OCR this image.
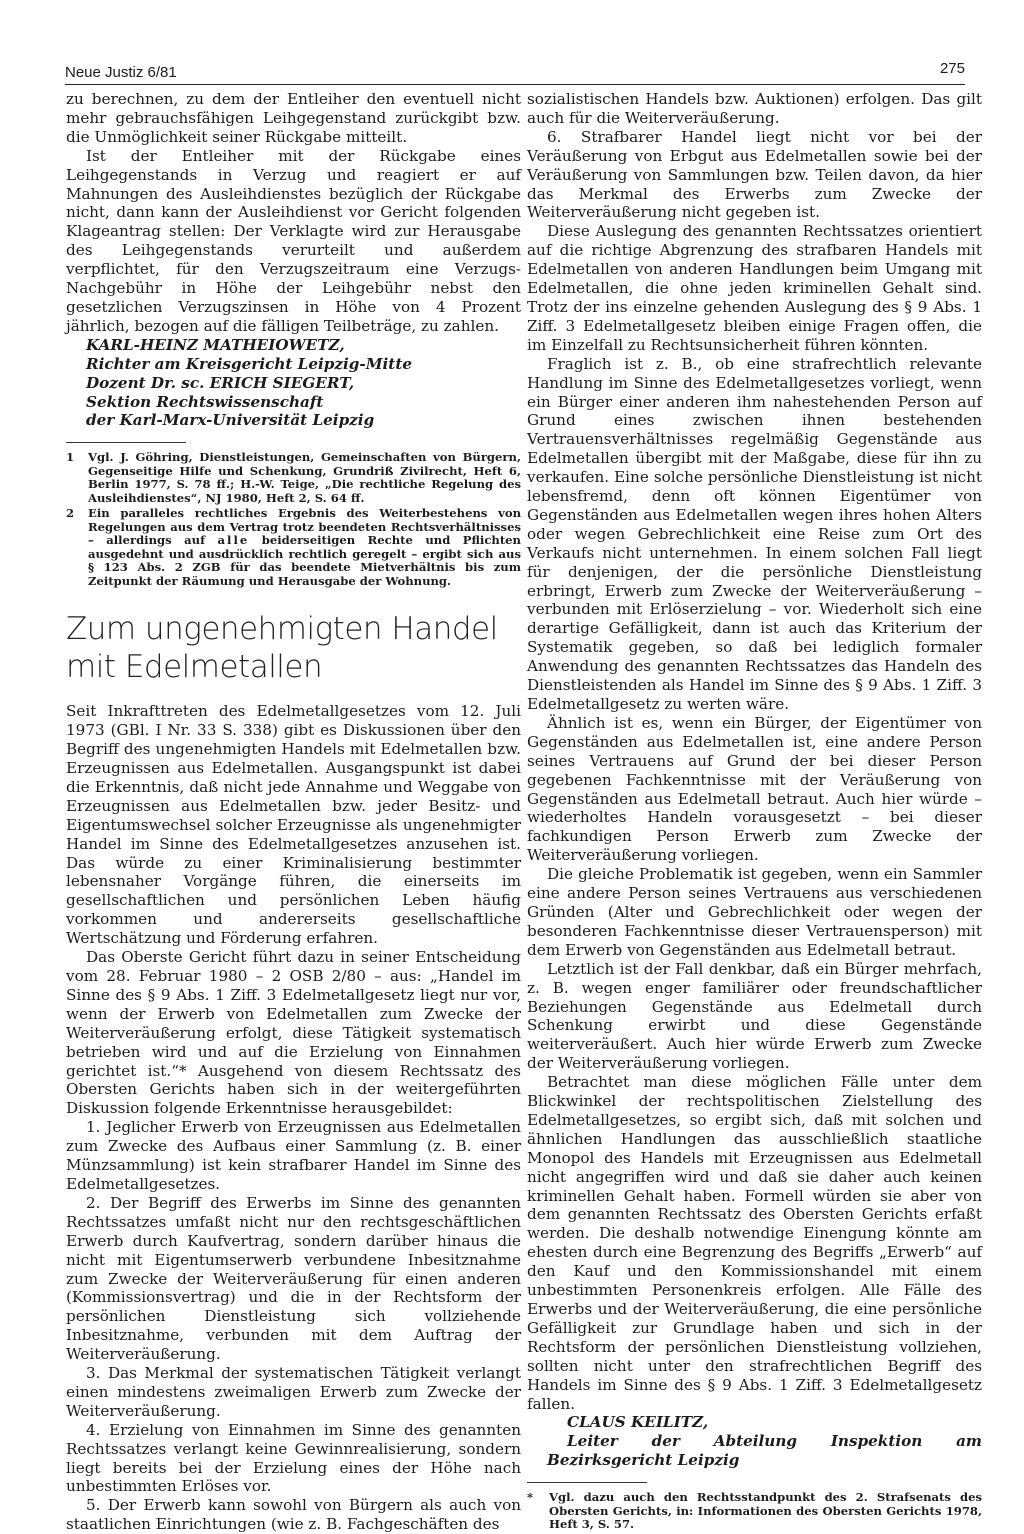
Neue Justiz 6/81	275

zu berechnen, zu dem der Entleiher den eventuell nicht mehr gebrauchsfähigen Leihgegenstand zurückgibt bzw. die Unmöglichkeit seiner Rückgabe mitteilt.

Ist der Entleiher mit der Rückgabe eines Leihgegenstands in Verzug und reagiert er auf Mahnungen des Ausleihdienstes bezüglich der Rückgabe nicht, dann kann der Ausleihdienst vor Gericht folgenden Klageantrag stellen: Der Verklagte wird zur Herausgabe des Leihgegenstands verurteilt und außerdem verpflichtet, für den Verzugszeitraum eine Verzugs-Nachgebühr in Höhe der Leihgebühr nebst den gesetzlichen Verzugszinsen in Höhe von 4 Prozent jährlich, bezogen auf die fälligen Teilbeträge, zu zahlen.

KARL-HEINZ MATHEIOWETZ,

Richter am Kreisgericht Leipzig-Mitte

Dozent Dr. sc. ERICH SIEGERT,

Sektion Rechtswissenschaft

der Karl-Marx-Universität Leipzig

1	Vgl. J. Göhring, Dienstleistungen, Gemeinschaften von Bürgern, Gegenseitige Hilfe und Schenkung, Grundriß Zivilrecht, Heft 6, Berlin 1977, S. 78 ff.; H.-W. Teige, „Die rechtliche Regelung des Ausleihdienstes“, NJ 1980, Heft 2, S. 64 ff.
2	Ein paralleles rechtliches Ergebnis des Weiterbestehens von Regelungen aus dem Vertrag trotz beendeten Rechtsverhältnisses – allerdings auf alle beiderseitigen Rechte und Pflichten ausgedehnt und ausdrücklich rechtlich geregelt – ergibt sich aus § 123 Abs. 2 ZGB für das beendete Mietverhältnis bis zum Zeitpunkt der Räumung und Herausgabe der Wohnung.
Zum ungenehmigten Handel
mit Edelmetallen

Seit Inkrafttreten des Edelmetallgesetzes vom 12. Juli 1973 (GBl. I Nr. 33 S. 338) gibt es Diskussionen über den Begriff des ungenehmigten Handels mit Edelmetallen bzw. Erzeugnissen aus Edelmetallen. Ausgangspunkt ist dabei die Erkenntnis, daß nicht jede Annahme und Weggabe von Erzeugnissen aus Edelmetallen bzw. jeder Besitz- und Eigentumswechsel solcher Erzeugnisse als ungenehmigter Handel im Sinne des Edelmetallgesetzes anzusehen ist. Das würde zu einer Kriminalisierung bestimmter lebensnaher Vorgänge führen, die einerseits im gesellschaftlichen und persönlichen Leben häufig vorkommen und andererseits gesellschaftliche Wertschätzung und Förderung erfahren.

Das Oberste Gericht führt dazu in seiner Entscheidung vom 28. Februar 1980 – 2 OSB 2/80 – aus: „Handel im Sinne des § 9 Abs. 1 Ziff. 3 Edelmetallgesetz liegt nur vor, wenn der Erwerb von Edelmetallen zum Zwecke der Weiterveräußerung erfolgt, diese Tätigkeit systematisch betrieben wird und auf die Erzielung von Einnahmen gerichtet ist.“* Ausgehend von diesem Rechtssatz des Obersten Gerichts haben sich in der weitergeführten Diskussion folgende Erkenntnisse herausgebildet:

1. Jeglicher Erwerb von Erzeugnissen aus Edelmetallen zum Zwecke des Aufbaus einer Sammlung (z. B. einer Münzsammlung) ist kein strafbarer Handel im Sinne des Edelmetallgesetzes.

2. Der Begriff des Erwerbs im Sinne des genannten Rechtssatzes umfaßt nicht nur den rechtsgeschäftlichen Erwerb durch Kaufvertrag, sondern darüber hinaus die nicht mit Eigentumserwerb verbundene Inbesitznahme zum Zwecke der Weiterveräußerung für einen anderen (Kommissionsvertrag) und die in der Rechtsform der persönlichen Dienstleistung sich vollziehende Inbesitznahme, verbunden mit dem Auftrag der Weiterveräußerung.

3. Das Merkmal der systematischen Tätigkeit verlangt einen mindestens zweimaligen Erwerb zum Zwecke der Weiterveräußerung.

4. Erzielung von Einnahmen im Sinne des genannten Rechtssatzes verlangt keine Gewinnrealisierung, sondern liegt bereits bei der Erzielung eines der Höhe nach unbestimmten Erlöses vor.

5. Der Erwerb kann sowohl von Bürgern als auch von staatlichen Einrichtungen (wie z. B. Fachgeschäften des

sozialistischen Handels bzw. Auktionen) erfolgen. Das gilt auch für die Weiterveräußerung.

6. Strafbarer Handel liegt nicht vor bei der Veräußerung von Erbgut aus Edelmetallen sowie bei der Veräußerung von Sammlungen bzw. Teilen davon, da hier das Merkmal des Erwerbs zum Zwecke der Weiterveräußerung nicht gegeben ist.

Diese Auslegung des genannten Rechtssatzes orientiert auf die richtige Abgrenzung des strafbaren Handels mit Edelmetallen von anderen Handlungen beim Umgang mit Edelmetallen, die ohne jeden kriminellen Gehalt sind. Trotz der ins einzelne gehenden Auslegung des § 9 Abs. 1 Ziff. 3 Edelmetallgesetz bleiben einige Fragen offen, die im Einzelfall zu Rechtsunsicherheit führen könnten.

Fraglich ist z. B., ob eine strafrechtlich relevante Handlung im Sinne des Edelmetallgesetzes vorliegt, wenn ein Bürger einer anderen ihm nahestehenden Person auf Grund eines zwischen ihnen bestehenden Vertrauensverhältnisses regelmäßig Gegenstände aus Edelmetallen übergibt mit der Maßgabe, diese für ihn zu verkaufen. Eine solche persönliche Dienstleistung ist nicht lebensfremd, denn oft können Eigentümer von Gegenständen aus Edelmetallen wegen ihres hohen Alters oder wegen Gebrechlichkeit eine Reise zum Ort des Verkaufs nicht unternehmen. In einem solchen Fall liegt für denjenigen, der die persönliche Dienstleistung erbringt, Erwerb zum Zwecke der Weiterveräußerung – verbunden mit Erlöserzielung – vor. Wiederholt sich eine derartige Gefälligkeit, dann ist auch das Kriterium der Systematik gegeben, so daß bei lediglich formaler Anwendung des genannten Rechtssatzes das Handeln des Dienstleistenden als Handel im Sinne des § 9 Abs. 1 Ziff. 3 Edelmetallgesetz zu werten wäre.

Ähnlich ist es, wenn ein Bürger, der Eigentümer von Gegenständen aus Edelmetallen ist, eine andere Person seines Vertrauens auf Grund der bei dieser Person gegebenen Fachkenntnisse mit der Veräußerung von Gegenständen aus Edelmetall betraut. Auch hier würde – wiederholtes Handeln vorausgesetzt – bei dieser fachkundigen Person Erwerb zum Zwecke der Weiterveräußerung vorliegen.

Die gleiche Problematik ist gegeben, wenn ein Sammler eine andere Person seines Vertrauens aus verschiedenen Gründen (Alter und Gebrechlichkeit oder wegen der besonderen Fachkenntnisse dieser Vertrauensperson) mit dem Erwerb von Gegenständen aus Edelmetall betraut.

Letztlich ist der Fall denkbar, daß ein Bürger mehrfach, z. B. wegen enger familiärer oder freundschaftlicher Beziehungen Gegenstände aus Edelmetall durch Schenkung erwirbt und diese Gegenstände weiterveräußert. Auch hier würde Erwerb zum Zwecke der Weiterveräußerung vorliegen.

Betrachtet man diese möglichen Fälle unter dem Blickwinkel der rechtspolitischen Zielstellung des Edelmetallgesetzes, so ergibt sich, daß mit solchen und ähnlichen Handlungen das ausschließlich staatliche Monopol des Handels mit Erzeugnissen aus Edelmetall nicht angegriffen wird und daß sie daher auch keinen kriminellen Gehalt haben. Formell würden sie aber von dem genannten Rechtssatz des Obersten Gerichts erfaßt werden. Die deshalb notwendige Einengung könnte am ehesten durch eine Begrenzung des Begriffs „Erwerb“ auf den Kauf und den Kommissionshandel mit einem unbestimmten Personenkreis erfolgen. Alle Fälle des Erwerbs und der Weiterveräußerung, die eine persönliche Gefälligkeit zur Grundlage haben und sich in der Rechtsform der persönlichen Dienstleistung vollziehen, sollten nicht unter den strafrechtlichen Begriff des Handels im Sinne des § 9 Abs. 1 Ziff. 3 Edelmetallgesetz fallen.

CLAUS KEILITZ,

Leiter der Abteilung Inspektion am Bezirksgericht Leipzig

*	Vgl. dazu auch den Rechtsstandpunkt des 2. Strafsenats des Obersten Gerichts, in: Informationen des Obersten Gerichts 1978, Heft 3, S. 57.
